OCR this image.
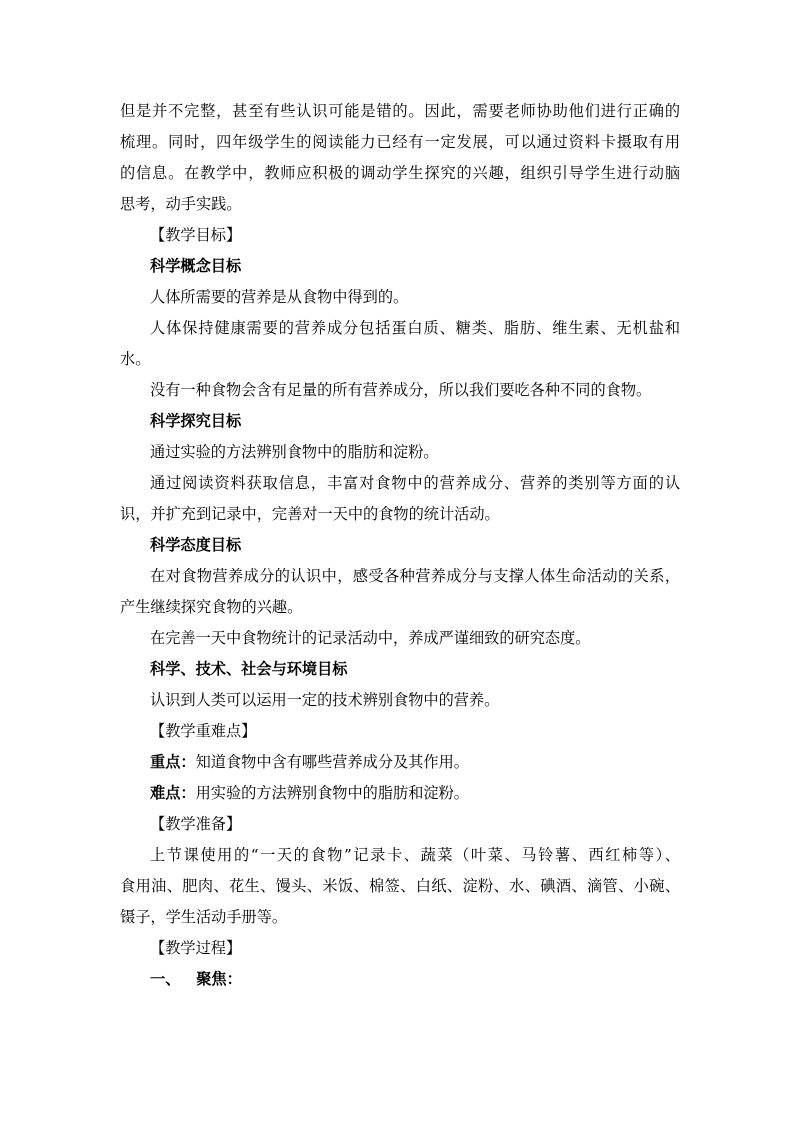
但是并不完整，甚至有些认识可能是错的。因此，需要老师协助他们进行正确的
梳理。同时，四年级学生的阅读能力已经有一定发展，可以通过资料卡摄取有用
的信息。在教学中，教师应积极的调动学生探究的兴趣，组织引导学生进行动脑
思考，动手实践。
【教学目标】
科学概念目标
人体所需要的营养是从食物中得到的。
人体保持健康需要的营养成分包括蛋白质、糖类、脂肪、维生素、无机盐和
水。
没有一种食物会含有足量的所有营养成分，所以我们要吃各种不同的食物。
科学探究目标
通过实验的方法辨别食物中的脂肪和淀粉。
通过阅读资料获取信息，丰富对食物中的营养成分、营养的类别等方面的认
识，并扩充到记录中，完善对一天中的食物的统计活动。
科学态度目标
在对食物营养成分的认识中，感受各种营养成分与支撑人体生命活动的关系，
产生继续探究食物的兴趣。
在完善一天中食物统计的记录活动中，养成严谨细致的研究态度。
科学、技术、社会与环境目标
认识到人类可以运用一定的技术辨别食物中的营养。
【教学重难点】
重点：知道食物中含有哪些营养成分及其作用。
难点：用实验的方法辨别食物中的脂肪和淀粉。
【教学准备】
上节课使用的“一天的食物”记录卡、蔬菜（叶菜、马铃薯、西红柿等）、
食用油、肥肉、花生、馒头、米饭、棉签、白纸、淀粉、水、碘酒、滴管、小碗、
镊子，学生活动手册等。
【教学过程】
一、   聚焦：
